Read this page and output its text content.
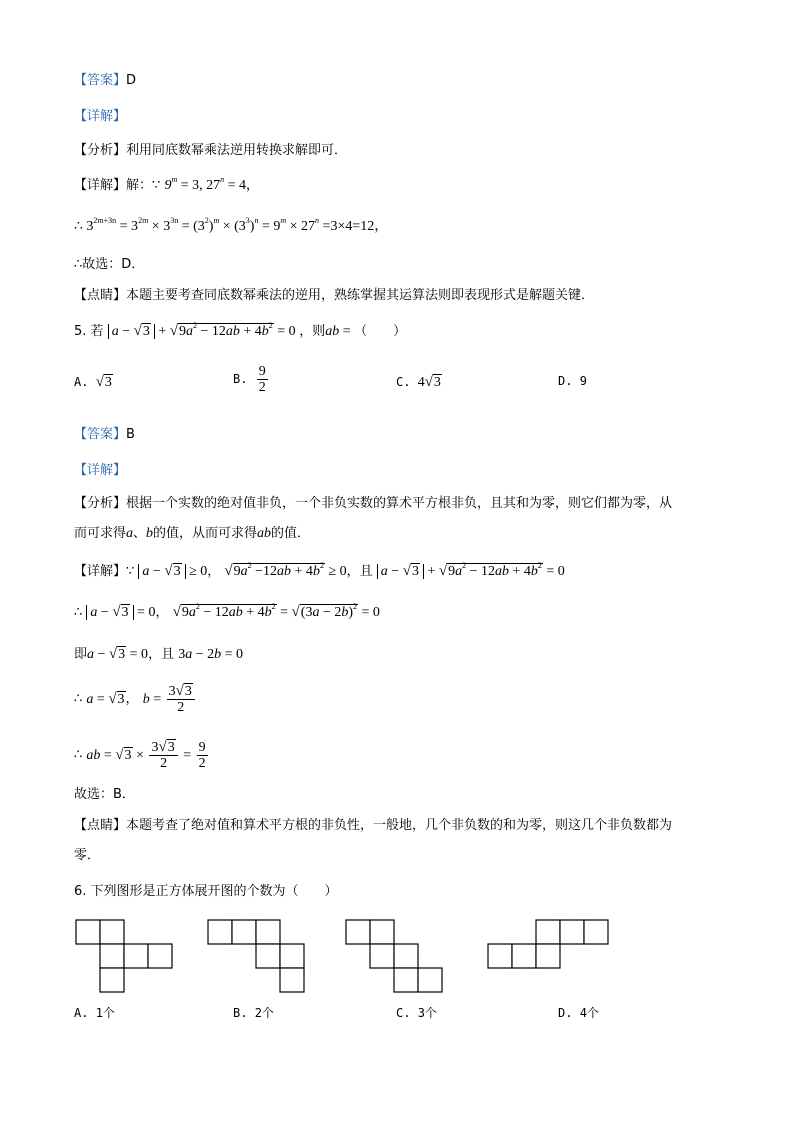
【答案】D
【详解】
【分析】利用同底数幂乘法逆用转换求解即可．
【详解】解：∵ $9^m = 3$, $27^n = 4$，
∴ $3^{2m+3n} = 3^{2m} \times 3^{3n} = (3^2)^m \times (3^3)^n = 9^m \times 27^n =3\times 4=12$，
∴故选：D．
【点睛】本题主要考查同底数幂乘法的逆用，熟练掌握其运算法则即表现形式是解题关键．
5. 若 $a - √3 + √9a^2 - 12ab + 4b^2 = 0$ ，则ab = （　　）
A. √3	B. $\frac{9}{2}$	C. 4√3	D. 9
【答案】B
【详解】
【分析】根据一个实数的绝对值非负，一个非负实数的算术平方根非负，且其和为零，则它们都为零，从
而可求得a、b的值，从而可求得ab的值．
【详解】∵ a − √3 ≥ 0， $√9a^2 -12ab + 4b^2 \ge 0$，且 $a - √3 + √9a^2 - 12ab + 4b^2 = 0$
∴ a − √3 = 0， $√9a^2 - 12ab + 4b^2 = √(3a - 2b)^2 = 0$
即a − √3 = 0，且 3a − 2b = 0
∴ a = √3， $b = \frac{3√3}{2}$
∴ ab = $√3 \times \frac{3√3}{2} = \frac{9}{2}$
故选：B．
【点睛】本题考查了绝对值和算术平方根的非负性，一般地，几个非负数的和为零，则这几个非负数都为
零．
6. 下列图形是正方体展开图的个数为（　　）
A. 1个	B. 2个	C. 3个	D. 4个
